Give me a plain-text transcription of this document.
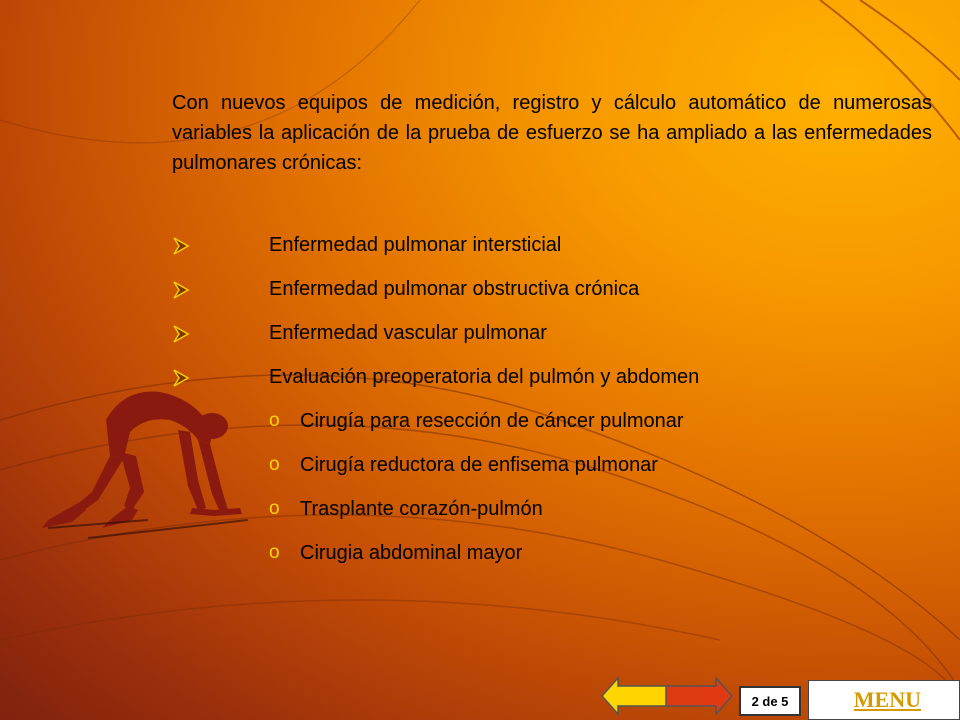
Con nuevos equipos de medición, registro y cálculo automático de numerosas variables la aplicación de la prueba de esfuerzo se ha ampliado a las enfermedades pulmonares crónicas:

Enfermedad pulmonar intersticial
Enfermedad pulmonar obstructiva crónica
Enfermedad vascular pulmonar
Evaluación preoperatoria del pulmón y abdomen
o Cirugía para resección de cáncer pulmonar
o Cirugía reductora de enfisema pulmonar
o Trasplante corazón-pulmón
o Cirugia abdominal mayor
2 de 5	MENU
